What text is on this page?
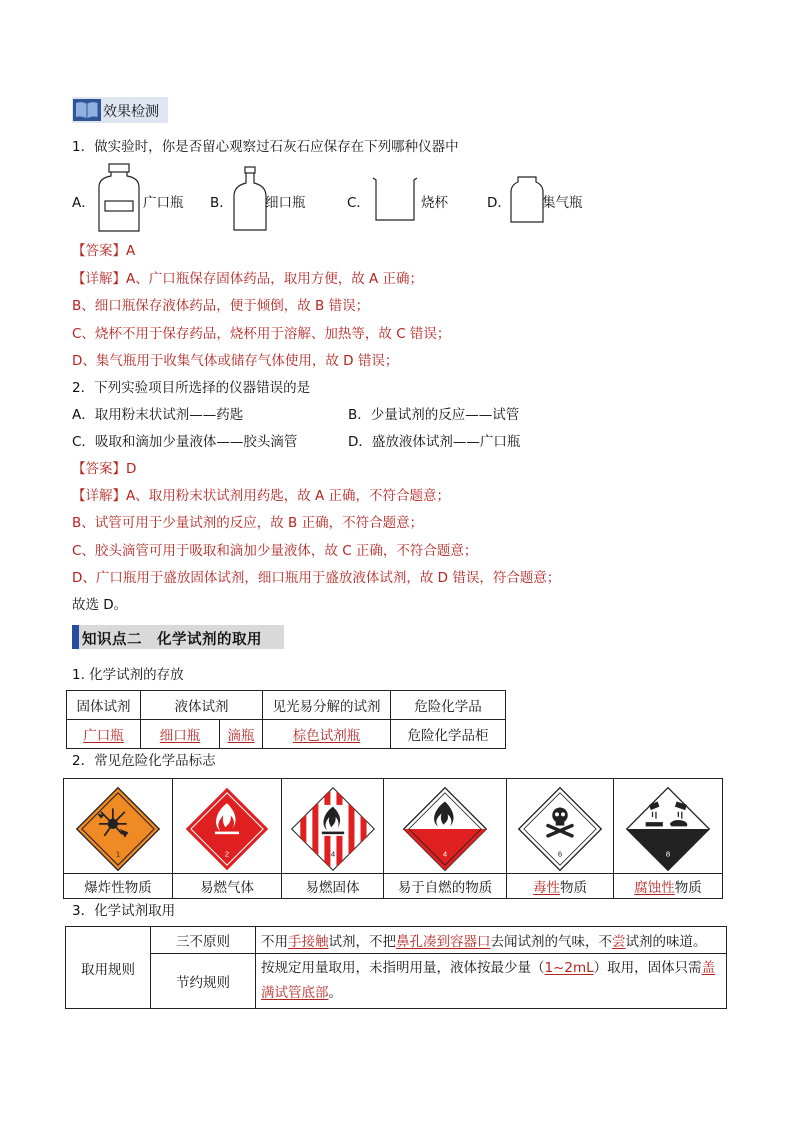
效果检测
1．做实验时，你是否留心观察过石灰石应保存在下列哪种仪器中
A．	广口瓶 B． 细口瓶	C．	烧杯	D． 集气瓶
【答案】A
【详解】A、广口瓶保存固体药品，取用方便，故 A 正确；
B、细口瓶保存液体药品，便于倾倒，故 B 错误；
C、烧杯不用于保存药品，烧杯用于溶解、加热等，故 C 错误；
D、集气瓶用于收集气体或储存气体使用，故 D 错误；
2．下列实验项目所选择的仪器错误的是
A．取用粉末状试剂——药匙	B．少量试剂的反应——试管
C．吸取和滴加少量液体——胶头滴管	D．盛放液体试剂——广口瓶
【答案】D
【详解】A、取用粉末状试剂用药匙，故 A 正确，不符合题意；
B、试管可用于少量试剂的反应，故 B 正确，不符合题意；
C、胶头滴管可用于吸取和滴加少量液体，故 C 正确，不符合题意；
D、广口瓶用于盛放固体试剂，细口瓶用于盛放液体试剂，故 D 错误，符合题意；
故选 D。
知识点二　化学试剂的取用
1. 化学试剂的存放
固体试剂	液体试剂		见光易分解的试剂	危险化学品
广口瓶	细口瓶	滴瓶	棕色试剂瓶	危险化学品柜
2．常见危险化学品标志
1	2	4	4	6	8

爆炸性物质	易燃气体	易燃固体	易于自燃的物质	毒性物质	腐蚀性物质
3．化学试剂取用
取用规则	三不原则	不用手接触试剂，不把鼻孔凑到容器口去闻试剂的气味，不尝试剂的味道。
	节约规则	按规定用量取用，未指明用量，液体按最少量（1~2mL）取用，固体只需盖
满试管底部。
